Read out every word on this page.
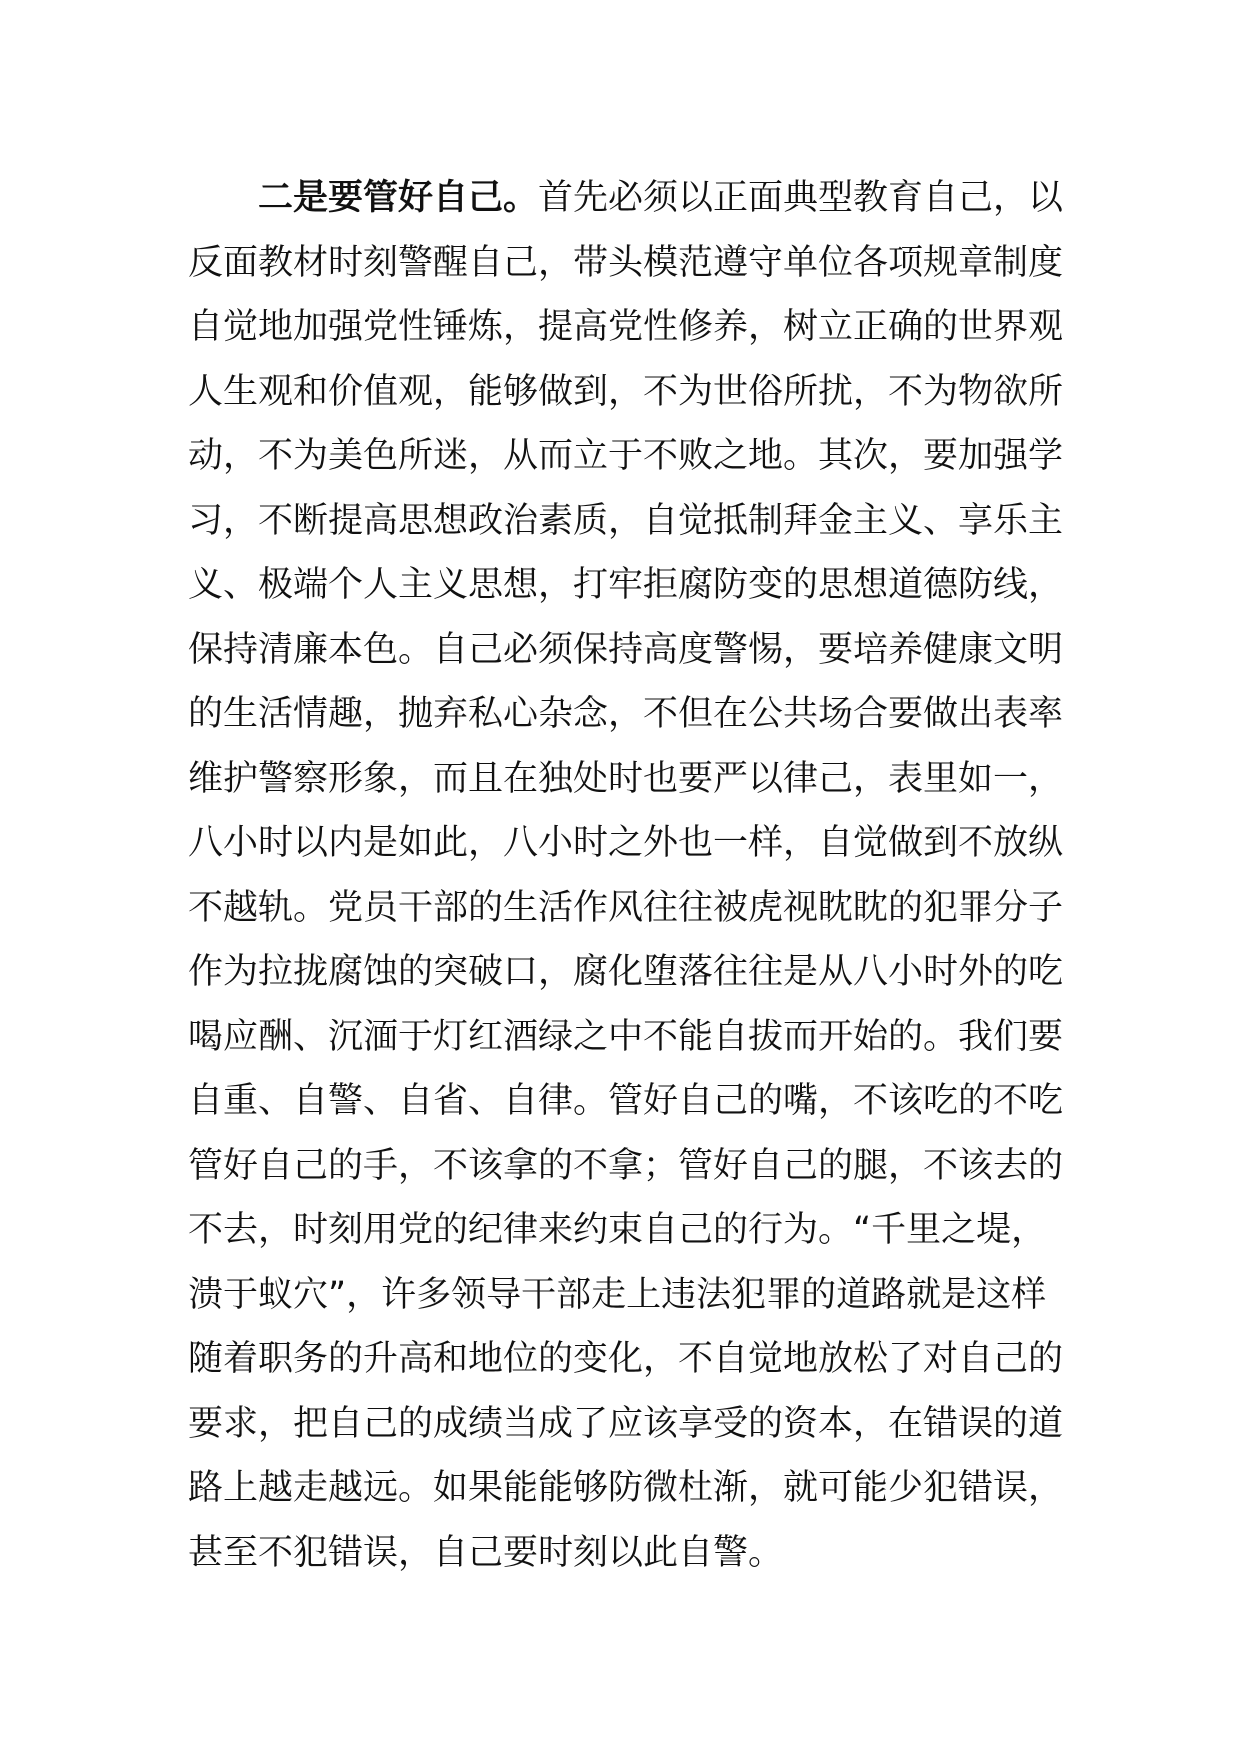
二是要管好自己。首先必须以正面典型教育自己，以
反面教材时刻警醒自己，带头模范遵守单位各项规章制度
自觉地加强党性锤炼，提高党性修养，树立正确的世界观
人生观和价值观，能够做到，不为世俗所扰，不为物欲所
动，不为美色所迷，从而立于不败之地。其次，要加强学
习，不断提高思想政治素质，自觉抵制拜金主义、享乐主
义、极端个人主义思想，打牢拒腐防变的思想道德防线，
保持清廉本色。自己必须保持高度警惕，要培养健康文明
的生活情趣，抛弃私心杂念，不但在公共场合要做出表率
维护警察形象，而且在独处时也要严以律己，表里如一，
八小时以内是如此，八小时之外也一样，自觉做到不放纵
不越轨。党员干部的生活作风往往被虎视眈眈的犯罪分子
作为拉拢腐蚀的突破口，腐化堕落往往是从八小时外的吃
喝应酬、沉湎于灯红酒绿之中不能自拔而开始的。我们要
自重、自警、自省、自律。管好自己的嘴，不该吃的不吃
管好自己的手，不该拿的不拿；管好自己的腿，不该去的
不去，时刻用党的纪律来约束自己的行为。“千里之堤，
溃于蚁穴”，许多领导干部走上违法犯罪的道路就是这样
随着职务的升高和地位的变化，不自觉地放松了对自己的
要求，把自己的成绩当成了应该享受的资本，在错误的道
路上越走越远。如果能能够防微杜渐，就可能少犯错误，
甚至不犯错误，自己要时刻以此自警。
